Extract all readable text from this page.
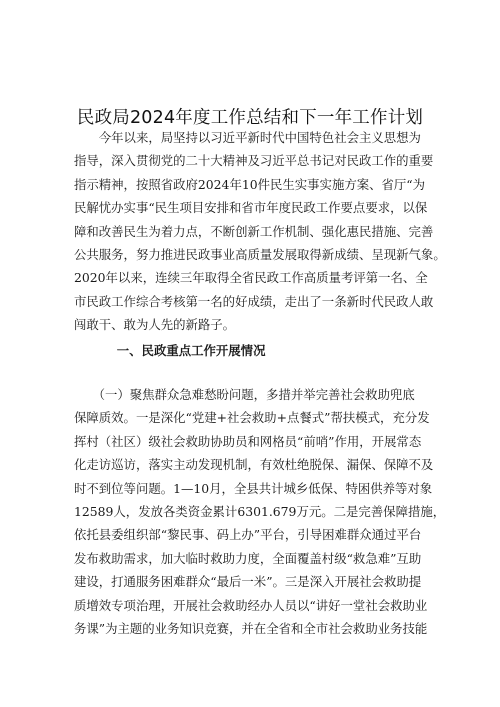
民政局2024年度工作总结和下一年工作计划

　　今年以来，局坚持以习近平新时代中国特色社会主义思想为
指导，深入贯彻党的二十大精神及习近平总书记对民政工作的重要
指示精神，按照省政府2024年10件民生实事实施方案、省厅“为
民解忧办实事“民生项目安排和省市年度民政工作要点要求，以保
障和改善民生为着力点，不断创新工作机制、强化惠民措施、完善
公共服务，努力推进民政事业高质量发展取得新成绩、呈现新气象。
2020年以来，连续三年取得全省民政工作高质量考评第一名、全
市民政工作综合考核第一名的好成绩，走出了一条新时代民政人敢
闯敢干、敢为人先的新路子。

　　一、民政重点工作开展情况

　　（一）聚焦群众急难愁盼问题，多措并举完善社会救助兜底
保障质效。一是深化“党建+社会救助+点餐式”帮扶模式，充分发
挥村（社区）级社会救助协助员和网格员“前哨”作用，开展常态
化走访巡访，落实主动发现机制，有效杜绝脱保、漏保、保障不及
时不到位等问题。1—10月，全县共计城乡低保、特困供养等对象
12589人，发放各类资金累计6301.679万元。二是完善保障措施，
依托县委组织部“黎民事、码上办”平台，引导困难群众通过平台
发布救助需求，加大临时救助力度，全面覆盖村级“救急难”互助
建设，打通服务困难群众“最后一米”。三是深入开展社会救助提
质增效专项治理，开展社会救助经办人员以“讲好一堂社会救助业
务课”为主题的业务知识竞赛，并在全省和全市社会救助业务技能
